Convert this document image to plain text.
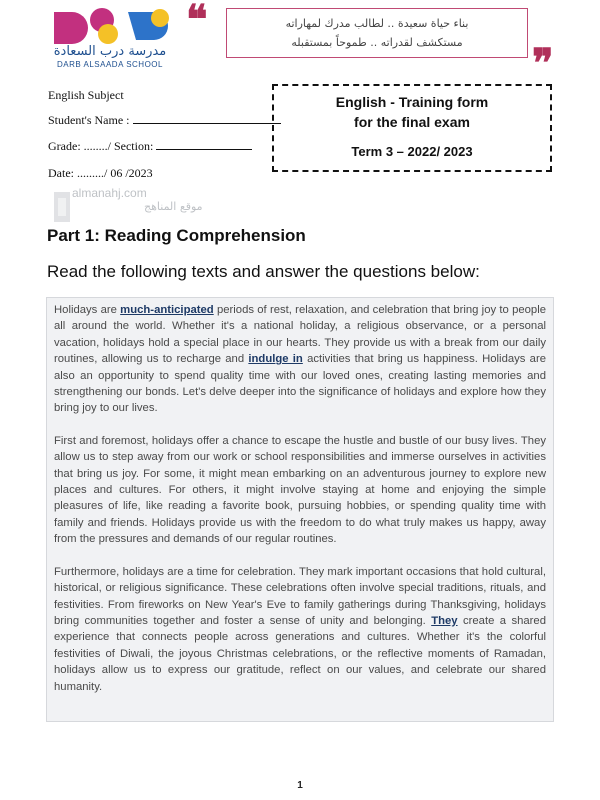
مدرسة درب السعادة
DARB ALSAADA SCHOOL
❝	بناء حياة سعيدة .. لطالب مدرك لمهاراته
مستكشف لقدراته .. طموحاً بمستقبله	❞
English Subject
Student's Name :
Grade: ......../ Section:
Date: ........./ 06 /2023
English - Training form
for the final exam
Term 3 – 2022/ 2023
almanahj.com
موقع المناهج
Part 1: Reading Comprehension
Read the following texts and answer the questions below:

Holidays are much-anticipated periods of rest, relaxation, and celebration that bring joy to people all around the world. Whether it's a national holiday, a religious observance, or a personal vacation, holidays hold a special place in our hearts. They provide us with a break from our daily routines, allowing us to recharge and indulge in activities that bring us happiness. Holidays are also an opportunity to spend quality time with our loved ones, creating lasting memories and strengthening our bonds. Let's delve deeper into the significance of holidays and explore how they bring joy to our lives.

First and foremost, holidays offer a chance to escape the hustle and bustle of our busy lives. They allow us to step away from our work or school responsibilities and immerse ourselves in activities that bring us joy. For some, it might mean embarking on an adventurous journey to explore new places and cultures. For others, it might involve staying at home and enjoying the simple pleasures of life, like reading a favorite book, pursuing hobbies, or spending quality time with family and friends. Holidays provide us with the freedom to do what truly makes us happy, away from the pressures and demands of our regular routines.

Furthermore, holidays are a time for celebration. They mark important occasions that hold cultural, historical, or religious significance. These celebrations often involve special traditions, rituals, and festivities. From fireworks on New Year's Eve to family gatherings during Thanksgiving, holidays bring communities together and foster a sense of unity and belonging. They create a shared experience that connects people across generations and cultures. Whether it's the colorful festivities of Diwali, the joyous Christmas celebrations, or the reflective moments of Ramadan, holidays allow us to express our gratitude, reflect on our values, and celebrate our shared humanity.

1
